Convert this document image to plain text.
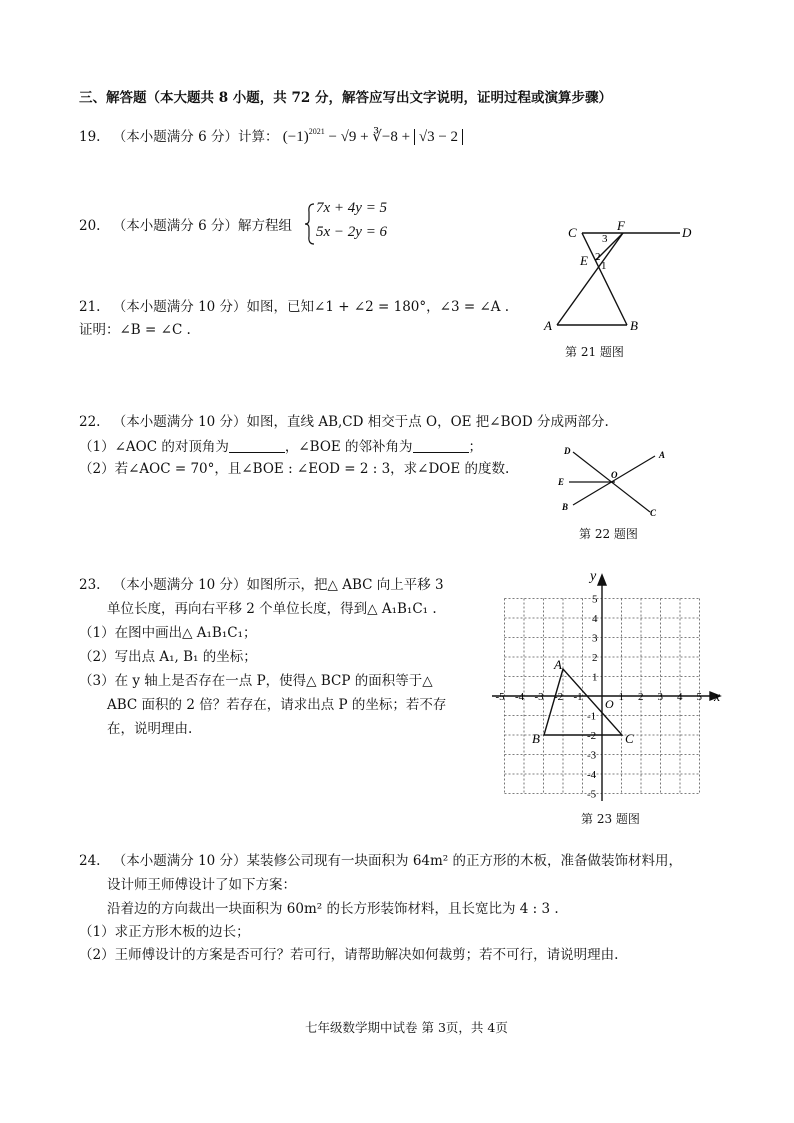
三、解答题（本大题共 8 小题，共 72 分，解答应写出文字说明，证明过程或演算步骤）
19. （本小题满分 6 分）计算： $(-1)^{2021} - √9$ + ∛−8 + √3 − 2
20. （本小题满分 6 分）解方程组
7x + 4y = 5
5x − 2y = 6
21. （本小题满分 10 分）如图，已知∠1 + ∠2 = 180°，∠3 = ∠A .
证明：∠B = ∠C .
C	F	D
E
A	B
3
2
1
第 21 题图
22. （本小题满分 10 分）如图，直线 AB,CD 相交于点 O，OE 把∠BOD 分成两部分.
（1）∠AOC 的对顶角为	，∠BOE 的邻补角为	；
（2）若∠AOC = 70°，且∠BOE : ∠EOD = 2 : 3，求∠DOE 的度数.
D	A
E
O
B
C
第 22 题图
23. （本小题满分 10 分）如图所示，把△ ABC 向上平移 3
单位长度，再向右平移 2 个单位长度，得到△ A₁B₁C₁ .
（1）在图中画出△ A₁B₁C₁；
（2）写出点 A₁, B₁ 的坐标；
（3）在 y 轴上是否存在一点 P，使得△ BCP 的面积等于△
ABC 面积的 2 倍？若存在，请求出点 P 的坐标；若不存
在，说明理由.
x
y
O
-5 -4 -3 -2 -1	1 2 3 4 5
5
4
3
2
1
-1
-2
-3
-4
-5
A
B	C
第 23 题图
24. （本小题满分 10 分）某装修公司现有一块面积为 64m² 的正方形的木板，准备做装饰材料用，
设计师王师傅设计了如下方案：
沿着边的方向裁出一块面积为 60m² 的长方形装饰材料，且长宽比为 4 : 3 .
（1）求正方形木板的边长；
（2）王师傅设计的方案是否可行？若可行，请帮助解决如何裁剪；若不可行，请说明理由.
七年级数学期中试卷 第 3页，共 4页
